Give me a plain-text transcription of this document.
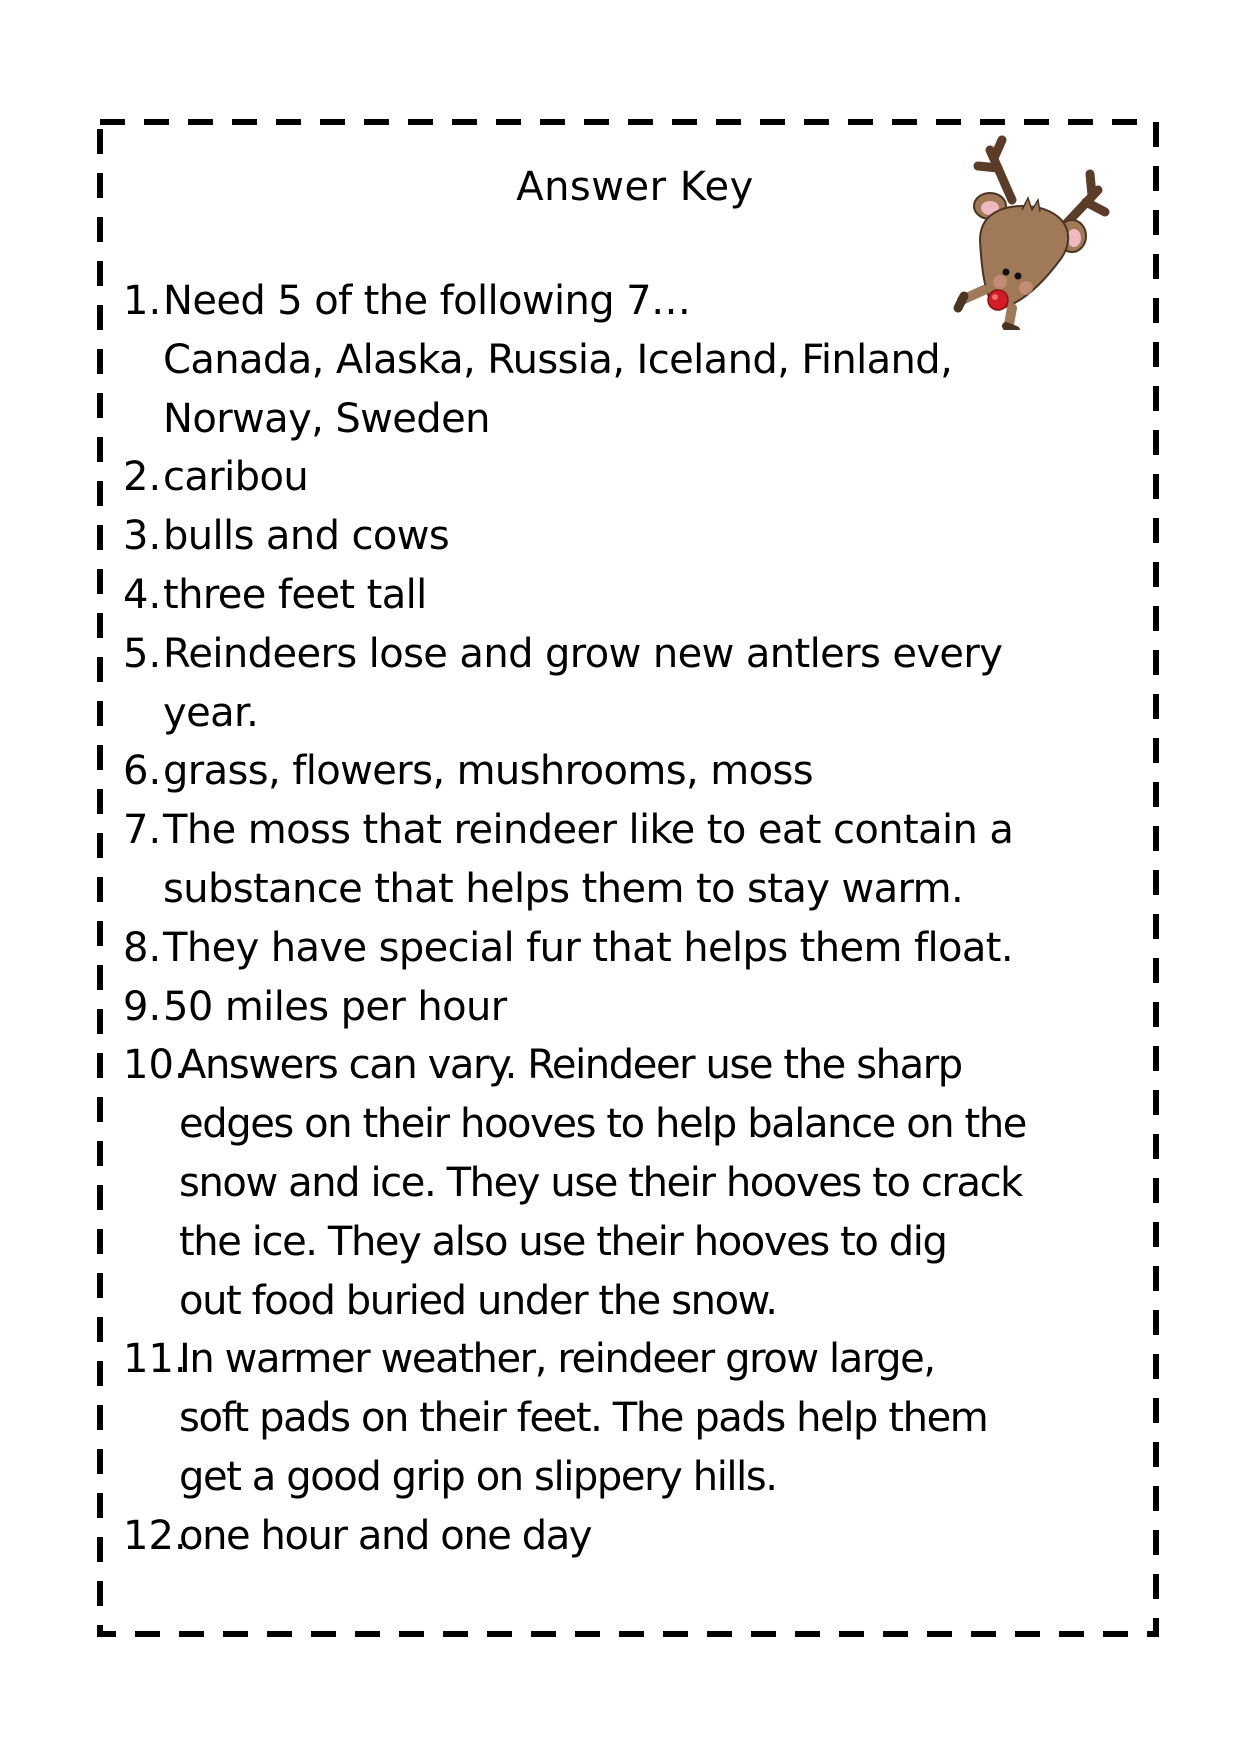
Answer Key
1. Need 5 of the following 7…
Canada, Alaska, Russia, Iceland, Finland,
Norway, Sweden
2. caribou
3. bulls and cows
4. three feet tall
5. Reindeers lose and grow new antlers every
year.
6. grass, flowers, mushrooms, moss
7. The moss that reindeer like to eat contain a
substance that helps them to stay warm.
8. They have special fur that helps them float.
9. 50 miles per hour
10.
Answers can vary. Reindeer use the sharp
edges on their hooves to help balance on the
snow and ice. They use their hooves to crack
the ice. They also use their hooves to dig
out food buried under the snow.
11.
In warmer weather, reindeer grow large,
soft pads on their feet. The pads help them
get a good grip on slippery hills.
12.
one hour and one day
